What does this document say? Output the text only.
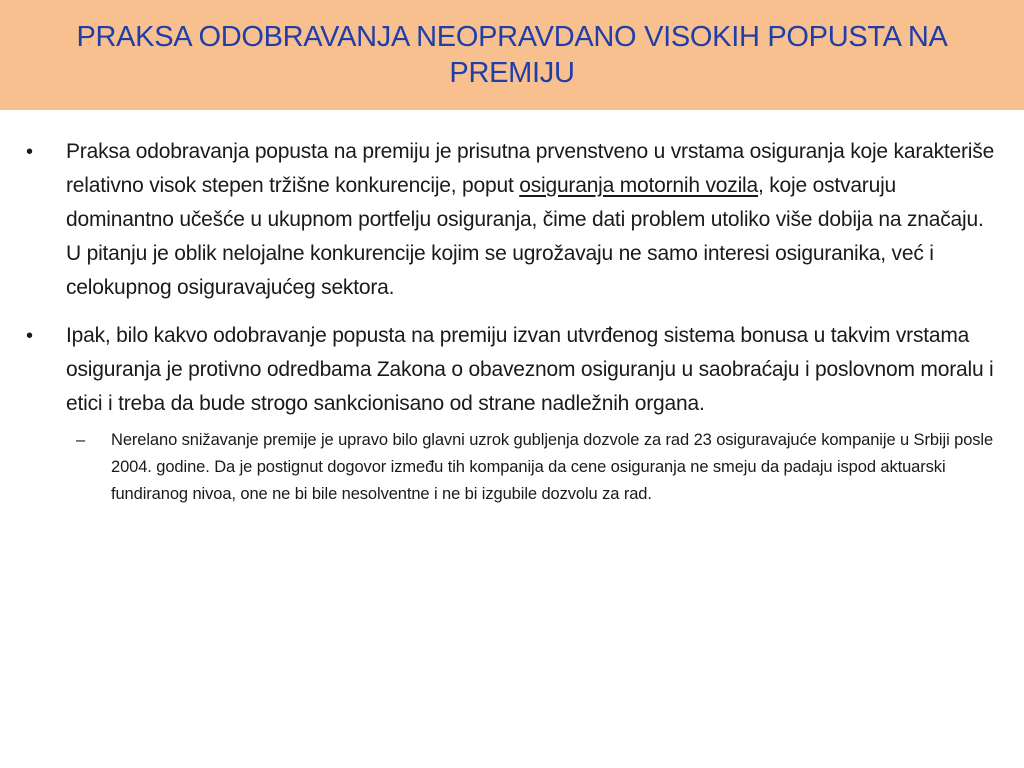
PRAKSA ODOBRAVANJA NEOPRAVDANO VISOKIH POPUSTA NA PREMIJU

• Praksa odobravanja popusta na premiju je prisutna prvenstveno u vrstama osiguranja koje karakteriše relativno visok stepen tržišne konkurencije, poput osiguranja motornih vozila, koje ostvaruju dominantno učešće u ukupnom portfelju osiguranja, čime dati problem utoliko više dobija na značaju. U pitanju je oblik nelojalne konkurencije kojim se ugrožavaju ne samo interesi osiguranika, već i celokupnog osiguravajućeg sektora.

• Ipak, bilo kakvo odobravanje popusta na premiju izvan utvrđenog sistema bonusa u takvim vrstama osiguranja je protivno odredbama Zakona o obaveznom osiguranju u saobraćaju i poslovnom moralu i etici i treba da bude strogo sankcionisano od strane nadležnih organa.

– Nerelano snižavanje premije je upravo bilo glavni uzrok gubljenja dozvole za rad 23 osiguravajuće kompanije u Srbiji posle 2004. godine. Da je postignut dogovor između tih kompanija da cene osiguranja ne smeju da padaju ispod aktuarski fundiranog nivoa, one ne bi bile nesolventne i ne bi izgubile dozvolu za rad.
